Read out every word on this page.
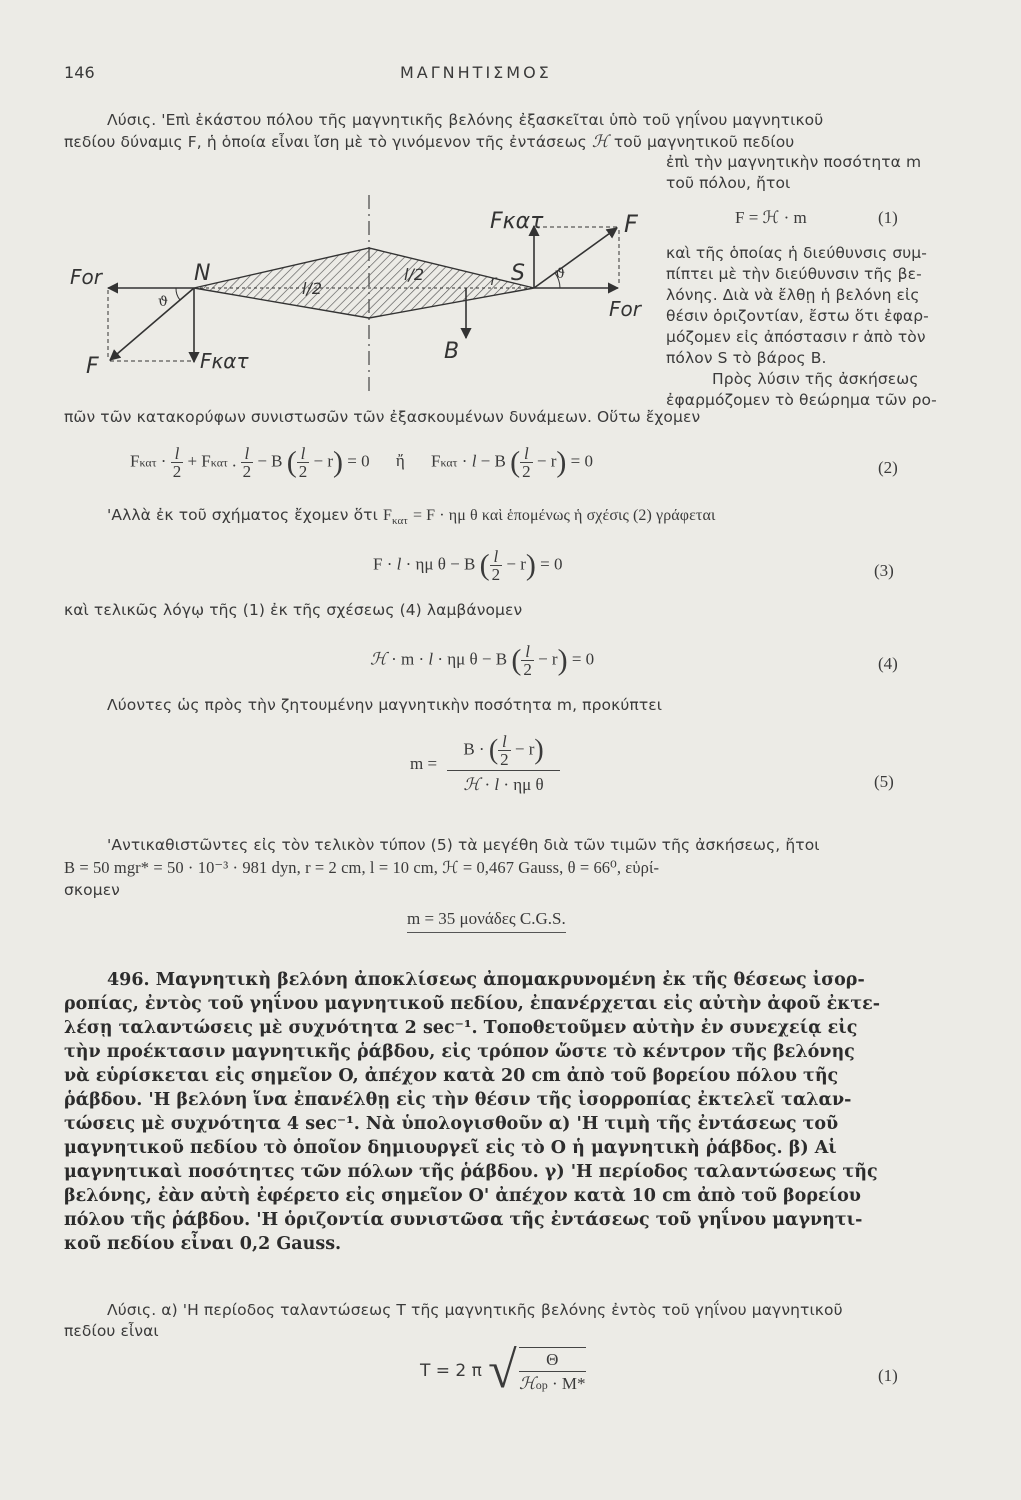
146	ΜΑΓΝΗΤΙΣΜΟΣ
Λύσις. 'Επὶ ἑκάστου πόλου τῆς μαγνητικῆς βελόνης ἐξασκεῖται ὑπὸ τοῦ γηΐνου μαγνητικοῦ
πεδίου δύναμις F, ἡ ὁποία εἶναι ἴση μὲ τὸ γινόμενον τῆς ἐντάσεως ℋ τοῦ μαγνητικοῦ πεδίου
ἐπὶ τὴν μαγνητικὴν ποσότητα m
τοῦ πόλου, ἤτοι
F = ℋ · m	(1)
καὶ τῆς ὁποίας ἡ διεύθυνσις συμ-
πίπτει μὲ τὴν διεύθυνσιν τῆς βε-
λόνης. Διὰ νὰ ἔλθῃ ἡ βελόνη εἰς
θέσιν ὁριζοντίαν, ἔστω ὅτι ἐφαρ-
μόζομεν εἰς ἀπόστασιν r ἀπὸ τὸν
πόλον S τὸ βάρος B.
Πρὸς λύσιν τῆς ἀσκήσεως
ἐφαρμόζομεν τὸ θεώρημα τῶν ρο-
πῶν τῶν κατακορύφων συνιστωσῶν τῶν ἐξασκουμένων δυνάμεων. Οὕτω ἔχομεν
Fκατ	F
For	N	S
l/2
l/2
ϑ
ϑ
r
For
B
F	Fκατ
$F\kappa\alpha\tau \cdot \frac{l}{2} + F\kappa\alpha\tau$ . $\frac{l}{2} - B$ ( $\frac{l}{2} - r) = 0$ ἤ Fκατ · l − B ( $\frac{l}{2} - r) = 0$	(2)
'Αλλὰ ἐκ τοῦ σχήματος ἔχομεν ὅτι $F_{\kappa\alpha\tau} = F \cdot \eta\mu$ θ καὶ ἑπομένως ἡ σχέσις (2) γράφεται
F · l · ημ θ − B ( $\frac{l}{2} - r) = 0$	(3)
καὶ τελικῶς λόγῳ τῆς (1) ἐκ τῆς σχέσεως (4) λαμβάνομεν
ℋ · m · l · ημ θ − B ( $\frac{l}{2} - r) = 0$	(4)
Λύοντες ὡς πρὸς τὴν ζητουμένην μαγνητικὴν ποσότητα m, προκύπτει
m =
B · ( $\frac{l}{2} - r$)
ℋ · l · ημ θ	(5)
'Αντικαθιστῶντες εἰς τὸν τελικὸν τύπον (5) τὰ μεγέθη διὰ τῶν τιμῶν τῆς ἀσκήσεως, ἤτοι
B = 50 mgr* = 50 · 10⁻³ · 981 dyn, r = 2 cm, l = 10 cm, ℋ = 0,467 Gauss, θ = 66⁰, εὑρί-
σκομεν
m = 35 μονάδες C.G.S.
496. Μαγνητικὴ βελόνη ἀποκλίσεως ἀπομακρυνομένη ἐκ τῆς θέσεως ἰσορ-
ροπίας, ἐντὸς τοῦ γηΐνου μαγνητικοῦ πεδίου, ἐπανέρχεται εἰς αὐτὴν ἀφοῦ ἐκτε-
λέσῃ ταλαντώσεις μὲ συχνότητα 2 sec⁻¹. Τοποθετοῦμεν αὐτὴν ἐν συνεχείᾳ εἰς
τὴν προέκτασιν μαγνητικῆς ῥάβδου, εἰς τρόπον ὥστε τὸ κέντρον τῆς βελόνης
νὰ εὑρίσκεται εἰς σημεῖον O, ἀπέχον κατὰ 20 cm ἀπὸ τοῦ βορείου πόλου τῆς
ῥάβδου. 'Η βελόνη ἵνα ἐπανέλθῃ εἰς τὴν θέσιν τῆς ἰσορροπίας ἐκτελεῖ ταλαν-
τώσεις μὲ συχνότητα 4 sec⁻¹. Νὰ ὑπολογισθοῦν α) 'Η τιμὴ τῆς ἐντάσεως τοῦ
μαγνητικοῦ πεδίου τὸ ὁποῖον δημιουργεῖ εἰς τὸ O ἡ μαγνητικὴ ῥάβδος. β) Αἱ
μαγνητικαὶ ποσότητες τῶν πόλων τῆς ῥάβδου. γ) 'Η περίοδος ταλαντώσεως τῆς
βελόνης, ἐὰν αὐτὴ ἐφέρετο εἰς σημεῖον O' ἀπέχον κατὰ 10 cm ἀπὸ τοῦ βορείου
πόλου τῆς ῥάβδου. 'Η ὁριζοντία συνιστῶσα τῆς ἐντάσεως τοῦ γηΐνου μαγνητι-
κοῦ πεδίου εἶναι 0,2 Gauss.
Λύσις. α) 'Η περίοδος ταλαντώσεως T τῆς μαγνητικῆς βελόνης ἐντὸς τοῦ γηΐνου μαγνητικοῦ
πεδίου εἶναι
T = 2 π √	Θ
ℋop · M*	(1)
